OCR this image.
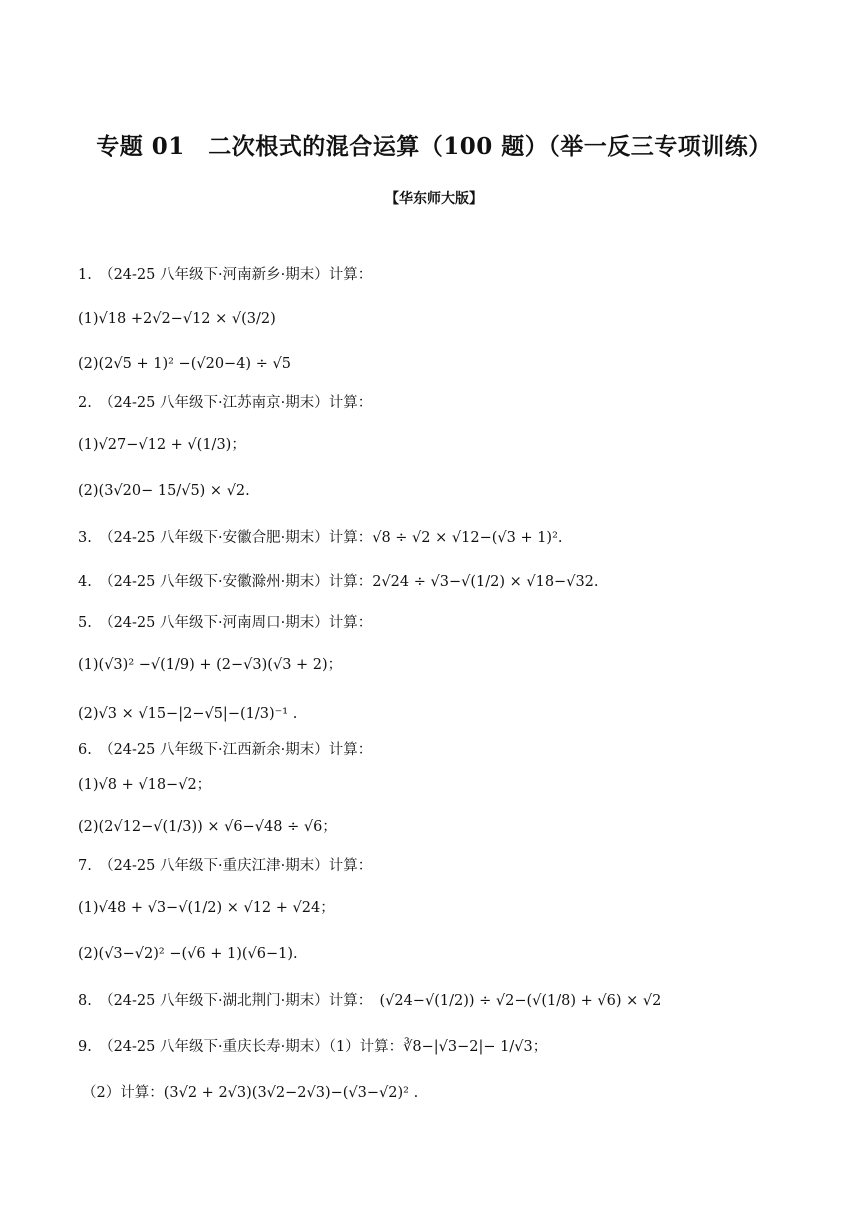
专题 01　二次根式的混合运算（100 题）（举一反三专项训练）
【华东师大版】
1.　（24-25 八年级下·河南新乡·期末）计算：
(1)√18 +2√2−√12 × √(3/2)
(2)(2√5 + 1)² −(√20−4) ÷ √5
2.　（24-25 八年级下·江苏南京·期末）计算：
(1)√27−√12 + √(1/3)；
(2)(3√20− 15/√5) × √2.
3.　（24-25 八年级下·安徽合肥·期末）计算：√8 ÷ √2 × √12−(√3 + 1)².
4.　（24-25 八年级下·安徽滁州·期末）计算：2√24 ÷ √3−√(1/2) × √18−√32.
5.　（24-25 八年级下·河南周口·期末）计算：
(1)(√3)² −√(1/9) + (2−√3)(√3 + 2)；
(2)√3 × √15−|2−√5|−(1/3)⁻¹ .
6.　（24-25 八年级下·江西新余·期末）计算：
(1)√8 + √18−√2；
(2)(2√12−√(1/3)) × √6−√48 ÷ √6；
7.　（24-25 八年级下·重庆江津·期末）计算：
(1)√48 + √3−√(1/2) × √12 + √24；
(2)(√3−√2)² −(√6 + 1)(√6−1).
8.　（24-25 八年级下·湖北荆门·期末）计算：　(√24−√(1/2)) ÷ √2−(√(1/8) + √6) × √2
9.　（24-25 八年级下·重庆长寿·期末）（1）计算：∛8−|√3−2|− 1/√3；
（2）计算：(3√2 + 2√3)(3√2−2√3)−(√3−√2)² .
